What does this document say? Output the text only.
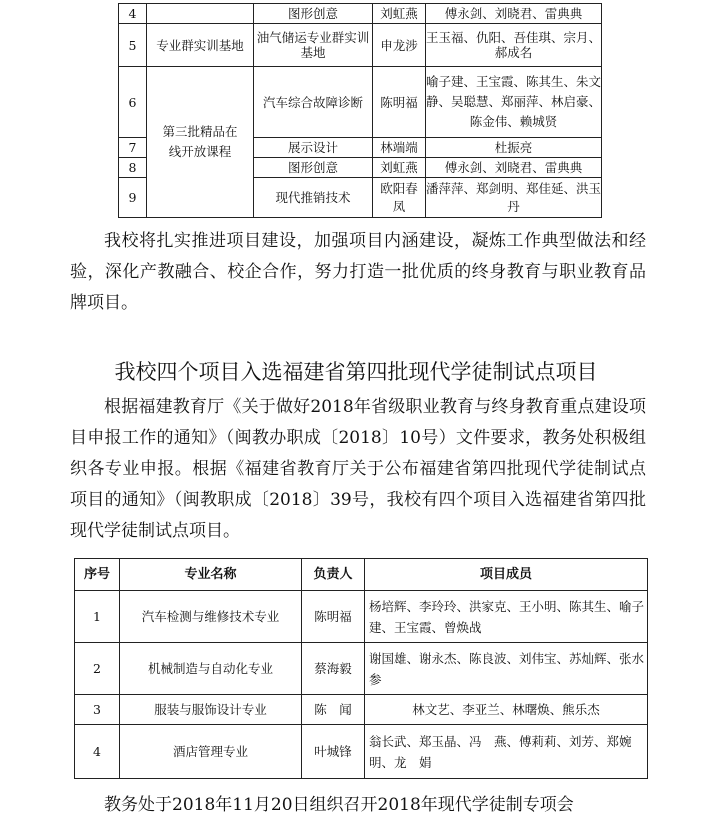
4		图形创意	刘虹燕	傅永剑、刘晓君、雷典典
5	专业群实训基地	油气储运专业群实训基地	申龙涉	王玉福、仇阳、吾佳琪、宗月、郝成名
6	第三批精品在线开放课程	汽车综合故障诊断	陈明福	喻子建、王宝霞、陈其生、朱文静、吴聪慧、郑丽萍、林启豪、陈金伟、赖城贤
7		展示设计	林端端	杜振亮
8		图形创意	刘虹燕	傅永剑、刘晓君、雷典典
9		现代推销技术	欧阳春凤	潘萍萍、郑剑明、郑佳延、洪玉丹

我校将扎实推进项目建设，加强项目内涵建设，凝炼工作典型做法和经验，深化产教融合、校企合作，努力打造一批优质的终身教育与职业教育品牌项目。

我校四个项目入选福建省第四批现代学徒制试点项目

根据福建教育厅《关于做好2018年省级职业教育与终身教育重点建设项目申报工作的通知》（闽教办职成〔2018〕10号）文件要求，教务处积极组织各专业申报。根据《福建省教育厅关于公布福建省第四批现代学徒制试点项目的通知》（闽教职成〔2018〕39号，我校有四个项目入选福建省第四批现代学徒制试点项目。

序号	专业名称	负责人	项目成员
1	汽车检测与维修技术专业	陈明福	杨培辉、李玲玲、洪家克、王小明、陈其生、喻子建、王宝霞、曾焕战
2	机械制造与自动化专业	蔡海毅	谢国雄、谢永杰、陈良波、刘伟宝、苏灿辉、张水参
3	服装与服饰设计专业	陈　闻	林文艺、李亚兰、林曙焕、熊乐杰
4	酒店管理专业	叶城锋	翁长武、郑玉晶、冯　燕、傅莉莉、刘芳、郑婉明、龙　娟
教务处于2018年11月20日组织召开2018年现代学徒制专项会
